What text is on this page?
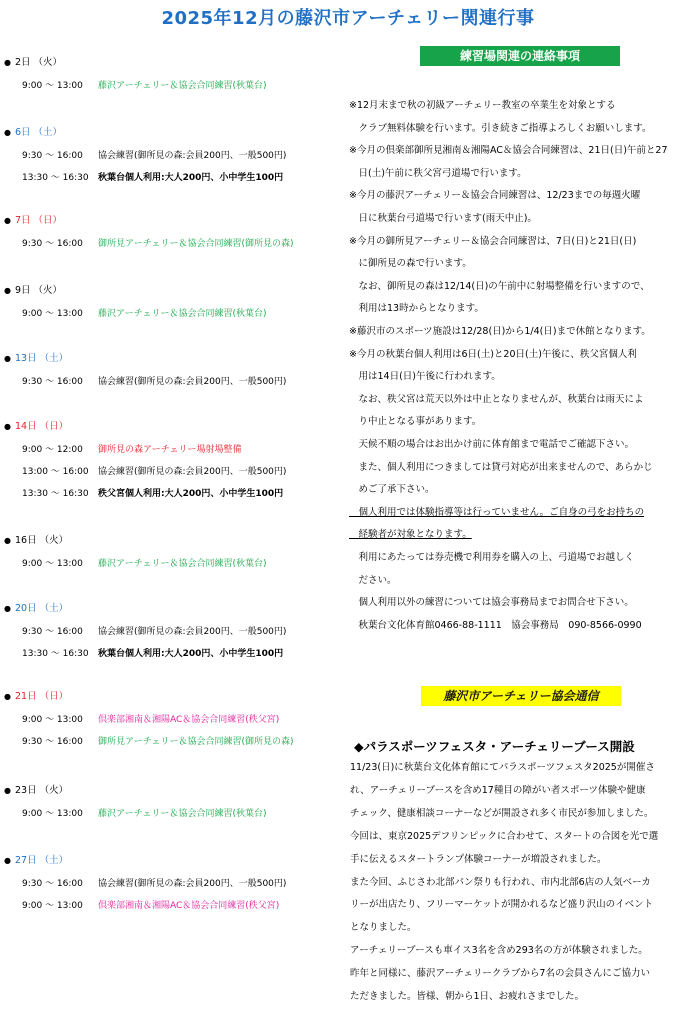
2025年12月の藤沢市アーチェリー関連行事
● 2日 （火）
9:00 〜 13:00 藤沢アーチェリー＆協会合同練習(秋葉台)
● 6日 （土）
9:30 〜 16:00 協会練習(御所見の森:会員200円、一般500円)
13:30 〜 16:30 秋葉台個人利用:大人200円、小中学生100円
● 7日 （日）
9:30 〜 16:00 御所見アーチェリー＆協会合同練習(御所見の森)
● 9日 （火）
9:00 〜 13:00 藤沢アーチェリー＆協会合同練習(秋葉台)
● 13日 （土）
9:30 〜 16:00 協会練習(御所見の森:会員200円、一般500円)
● 14日 （日）
9:00 〜 12:00 御所見の森アーチェリー場射場整備
13:00 〜 16:00 協会練習(御所見の森:会員200円、一般500円)
13:30 〜 16:30 秩父宮個人利用:大人200円、小中学生100円
● 16日 （火）
9:00 〜 13:00 藤沢アーチェリー＆協会合同練習(秋葉台)
● 20日 （土）
9:30 〜 16:00 協会練習(御所見の森:会員200円、一般500円)
13:30 〜 16:30 秋葉台個人利用:大人200円、小中学生100円
● 21日 （日）
9:00 〜 13:00 倶楽部湘南＆湘陽AC＆協会合同練習(秩父宮)
9:30 〜 16:00 御所見アーチェリー＆協会合同練習(御所見の森)
● 23日 （火）
9:00 〜 13:00 藤沢アーチェリー＆協会合同練習(秋葉台)
● 27日 （土）
9:30 〜 16:00 協会練習(御所見の森:会員200円、一般500円)
9:00 〜 13:00 倶楽部湘南＆湘陽AC＆協会合同練習(秩父宮)
練習場関連の連絡事項
※12月末まで秋の初級アーチェリー教室の卒業生を対象とする
　クラブ無料体験を行います。引き続きご指導よろしくお願いします。
※今月の倶楽部御所見湘南＆湘陽AC＆協会合同練習は、21日(日)午前と27
　日(土)午前に秩父宮弓道場で行います。
※今月の藤沢アーチェリー＆協会合同練習は、12/23までの毎週火曜
　日に秋葉台弓道場で行います(雨天中止)。
※今月の御所見アーチェリー＆協会合同練習は、7日(日)と21日(日)
　に御所見の森で行います。
　なお、御所見の森は12/14(日)の午前中に射場整備を行いますので、
　利用は13時からとなります。
※藤沢市のスポーツ施設は12/28(日)から1/4(日)まで休館となります。
※今月の秋葉台個人利用は6日(土)と20日(土)午後に、秩父宮個人利
　用は14日(日)午後に行われます。
　なお、秩父宮は荒天以外は中止となりませんが、秋葉台は雨天によ
　り中止となる事があります。
　天候不順の場合はお出かけ前に体育館まで電話でご確認下さい。
　また、個人利用につきましては貸弓対応が出来ませんので、あらかじ
　めご了承下さい。
　個人利用では体験指導等は行っていません。ご自身の弓をお持ちの
　経験者が対象となります。
　利用にあたっては券売機で利用券を購入の上、弓道場でお越しく
　ださい。
　個人利用以外の練習については協会事務局までお問合せ下さい。
　秋葉台文化体育館0466-88-1111　協会事務局　090-8566-0990
藤沢市アーチェリー協会通信
◆パラスポーツフェスタ・アーチェリーブース開設
11/23(日)に秋葉台文化体育館にてパラスポーツフェスタ2025が開催さ
れ、アーチェリーブースを含め17種目の障がい者スポーツ体験や健康
チェック、健康相談コーナーなどが開設され多く市民が参加しました。
今回は、東京2025デフリンピックに合わせて、スタートの合図を光で選
手に伝えるスタートランプ体験コーナーが増設されました。
また今回、ふじさわ北部パン祭りも行われ、市内北部6店の人気ベーカ
リーが出店たり、フリーマーケットが開かれるなど盛り沢山のイベント
となりました。
アーチェリーブースも車イス3名を含め293名の方が体験されました。
昨年と同様に、藤沢アーチェリークラブから7名の会員さんにご協力い
ただきました。皆様、朝から1日、お疲れさまでした。
